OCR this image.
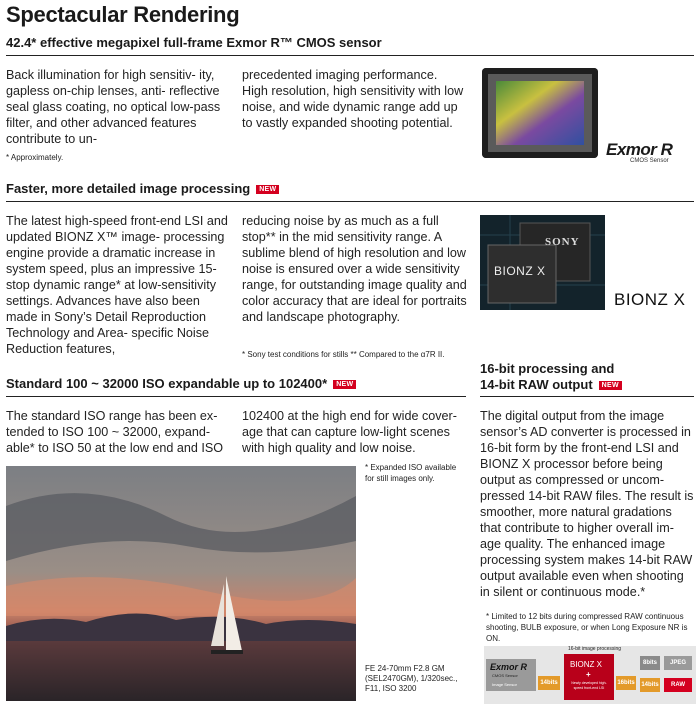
Spectacular Rendering
42.4* effective megapixel full-frame Exmor R™ CMOS sensor
Back illumination for high sensitiv- ity, gapless on-chip lenses, anti- reflective seal glass coating, no optical low-pass filter, and other advanced features contribute to un-
precedented imaging performance. High resolution, high sensitivity with low noise, and wide dynamic range add up to vastly expanded shooting potential.
* Approximately.	Exmor R
CMOS Sensor
Faster, more detailed image processing NEW
The latest high-speed front-end LSI and updated BIONZ X™ image- processing engine provide a dramatic increase in system speed, plus an impressive 15-stop dynamic range* at low-sensitivity settings. Advances have also been made in Sony’s Detail Reproduction Technology and Area- specific Noise Reduction features,
reducing noise by as much as a full stop** in the mid sensitivity range. A sublime blend of high resolution and low noise is ensured over a wide sensitivity range, for outstanding image quality and color accuracy that are ideal for portraits and landscape photography.
* Sony test conditions for stills ** Compared to the α7R II.
SONY
BIONZ X
BIONZ X
Standard 100 ~ 32000 ISO expandable up to 102400* NEW
The standard ISO range has been ex- tended to ISO 100 ~ 32000, expand- able* to ISO 50 at the low end and ISO
102400 at the high end for wide cover- age that can capture low-light scenes with high quality and low noise.
* Expanded ISO available for still images only.
FE 24-70mm F2.8 GM (SEL2470GM), 1/320sec., F11, ISO 3200
16-bit processing and
14-bit RAW output NEW
The digital output from the image sensor’s AD converter is processed in 16-bit form by the front-end LSI and BIONZ X processor before being output as compressed or uncom- pressed 14-bit RAW files. The result is smoother, more natural gradations that contribute to higher overall im- age quality. The enhanced image processing system makes 14-bit RAW output available even when shooting in silent or continuous mode.*
* Limited to 12 bits during compressed RAW continuous shooting, BULB exposure, or when Long Exposure NR is ON.
16-bit image processing
Exmor R
CMOS Sensor
Image Sensor	14bits
BIONZ X
+
Newly developed high-speed front-end LSI
16bits
8bits
14bits
JPEG
RAW
